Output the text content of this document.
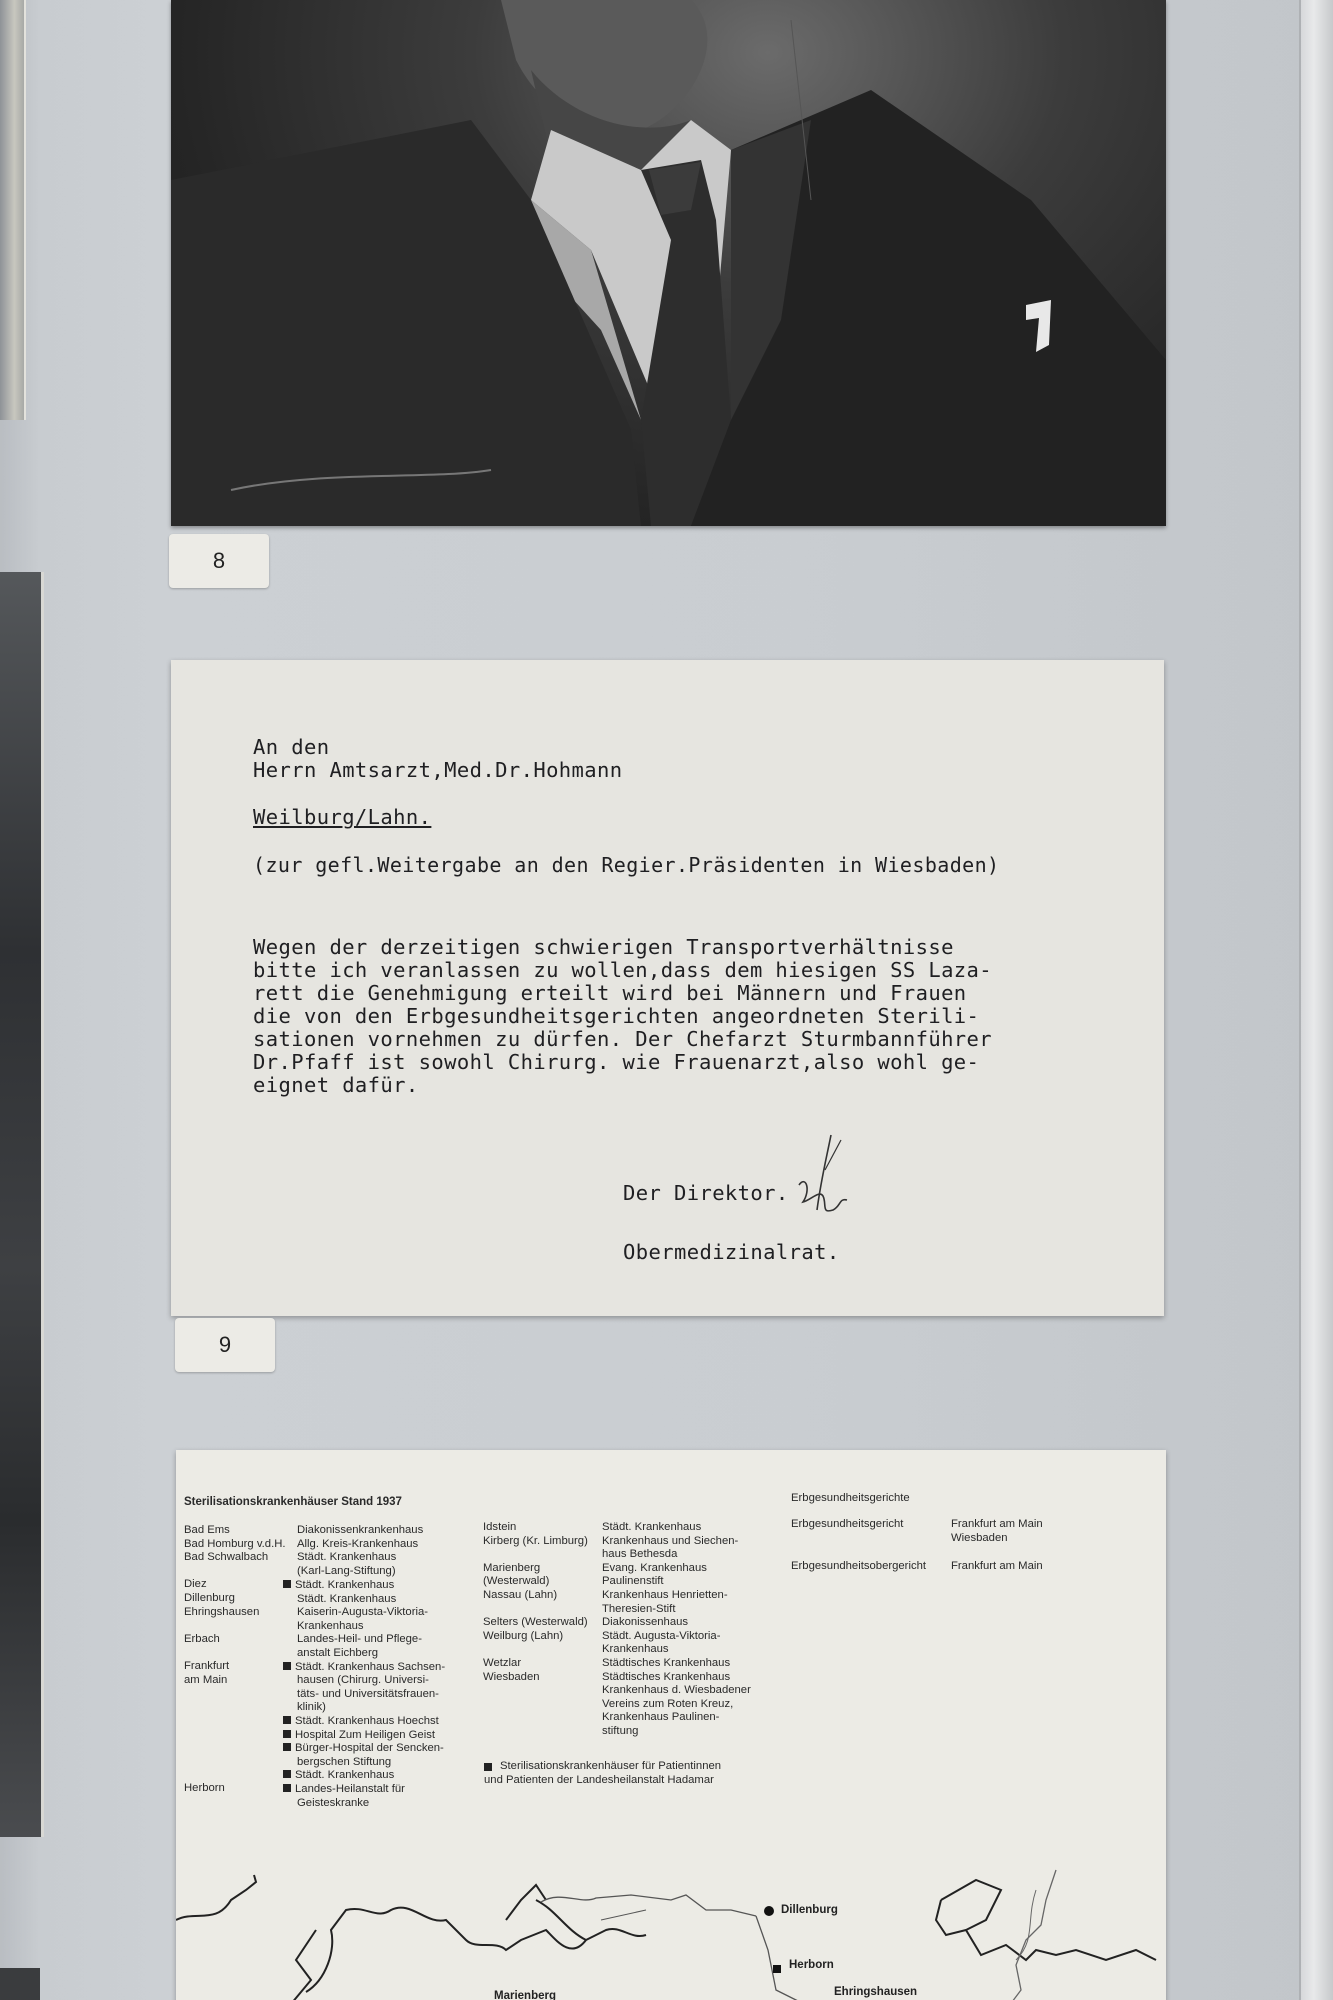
8
An den
Herrn Amtsarzt,Med.Dr.Hohmann
Weilburg/Lahn.
(zur gefl.Weitergabe an den Regier.Präsidenten in Wiesbaden)
Wegen der derzeitigen schwierigen Transportverhältnisse
bitte ich veranlassen zu wollen,dass dem hiesigen SS Laza-
rett die Genehmigung erteilt wird bei Männern und Frauen
die von den Erbgesundheitsgerichten angeordneten Sterili-
sationen vornehmen zu dürfen. Der Chefarzt Sturmbannführer
Dr.Pfaff ist sowohl Chirurg. wie Frauenarzt,also wohl ge-
eignet dafür.
Der Direktor.
Obermedizinalrat.
9
Sterilisationskrankenhäuser Stand 1937
Bad Ems
Bad Homburg v.d.H.
Bad Schwalbach

Diez
Dillenburg
Ehringshausen

Erbach

Frankfurt
am Main

Herborn
Diakonissenkrankenhaus
Allg. Kreis-Krankenhaus
Städt. Krankenhaus
(Karl-Lang-Stiftung)
Städt. Krankenhaus
Städt. Krankenhaus
Kaiserin-Augusta-Viktoria-
Krankenhaus
Landes-Heil- und Pflege-
anstalt Eichberg
Städt. Krankenhaus Sachsen-
hausen (Chirurg. Universi-
täts- und Universitätsfrauen-
klinik)
Städt. Krankenhaus Hoechst
Hospital Zum Heiligen Geist
Bürger-Hospital der Sencken-
bergschen Stiftung
Städt. Krankenhaus
Landes-Heilanstalt für
Geisteskranke
Idstein
Kirberg (Kr. Limburg)

Marienberg
(Westerwald)
Nassau (Lahn)

Selters (Westerwald)
Weilburg (Lahn)

Wetzlar
Wiesbaden
Städt. Krankenhaus
Krankenhaus und Siechen-
haus Bethesda
Evang. Krankenhaus
Paulinenstift
Krankenhaus Henrietten-
Theresien-Stift
Diakonissenhaus
Städt. Augusta-Viktoria-
Krankenhaus
Städtisches Krankenhaus
Städtisches Krankenhaus
Krankenhaus d. Wiesbadener
Vereins zum Roten Kreuz,
Krankenhaus Paulinen-
stiftung
Sterilisationskrankenhäuser für Patientinnen
und Patienten der Landesheilanstalt Hadamar
Erbgesundheitsgerichte
Erbgesundheitsgericht	Frankfurt am Main
Wiesbaden
Erbgesundheitsobergericht Frankfurt am Main
Dillenburg
Herborn
Marienberg	Ehringshausen
